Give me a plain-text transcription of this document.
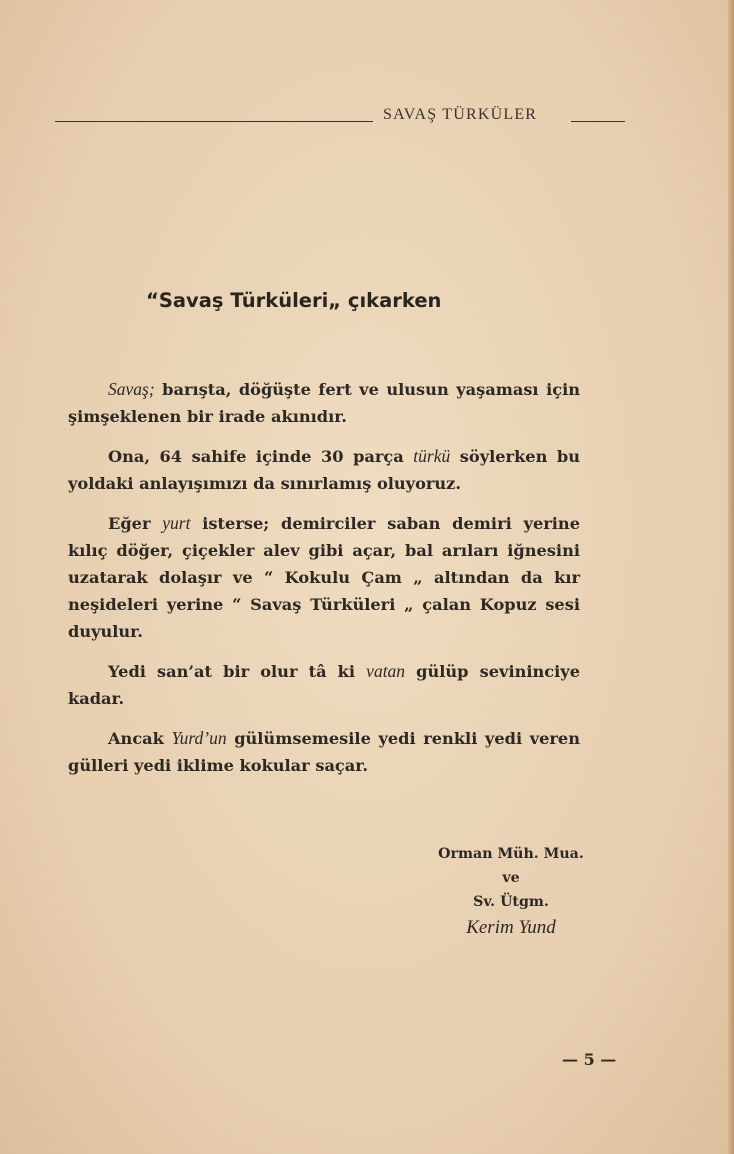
SAVAŞ TÜRKÜLER
“Savaş Türküleri„ çıkarken

Savaş; barışta, döğüşte fert ve ulusun yaşaması için şimşeklenen bir irade akınıdır.

Ona, 64 sahife içinde 30 parça türkü söylerken bu yoldaki anlayışımızı da sınırlamış oluyoruz.

Eğer yurt isterse; demirciler saban demiri yerine kılıç döğer, çiçekler alev gibi açar, bal arıları iğnesini uzatarak dolaşır ve “ Kokulu Çam „ altından da kır neşideleri yerine “ Savaş Türküleri „ çalan Kopuz sesi duyulur.

Yedi san’at bir olur tâ ki vatan gülüp sevininciye kadar.

Ancak Yurd’un gülümsemesile yedi renkli yedi veren gülleri yedi iklime kokular saçar.

Orman Müh. Mua.
ve
Sv. Ütgm.
Kerim Yund
— 5 —
